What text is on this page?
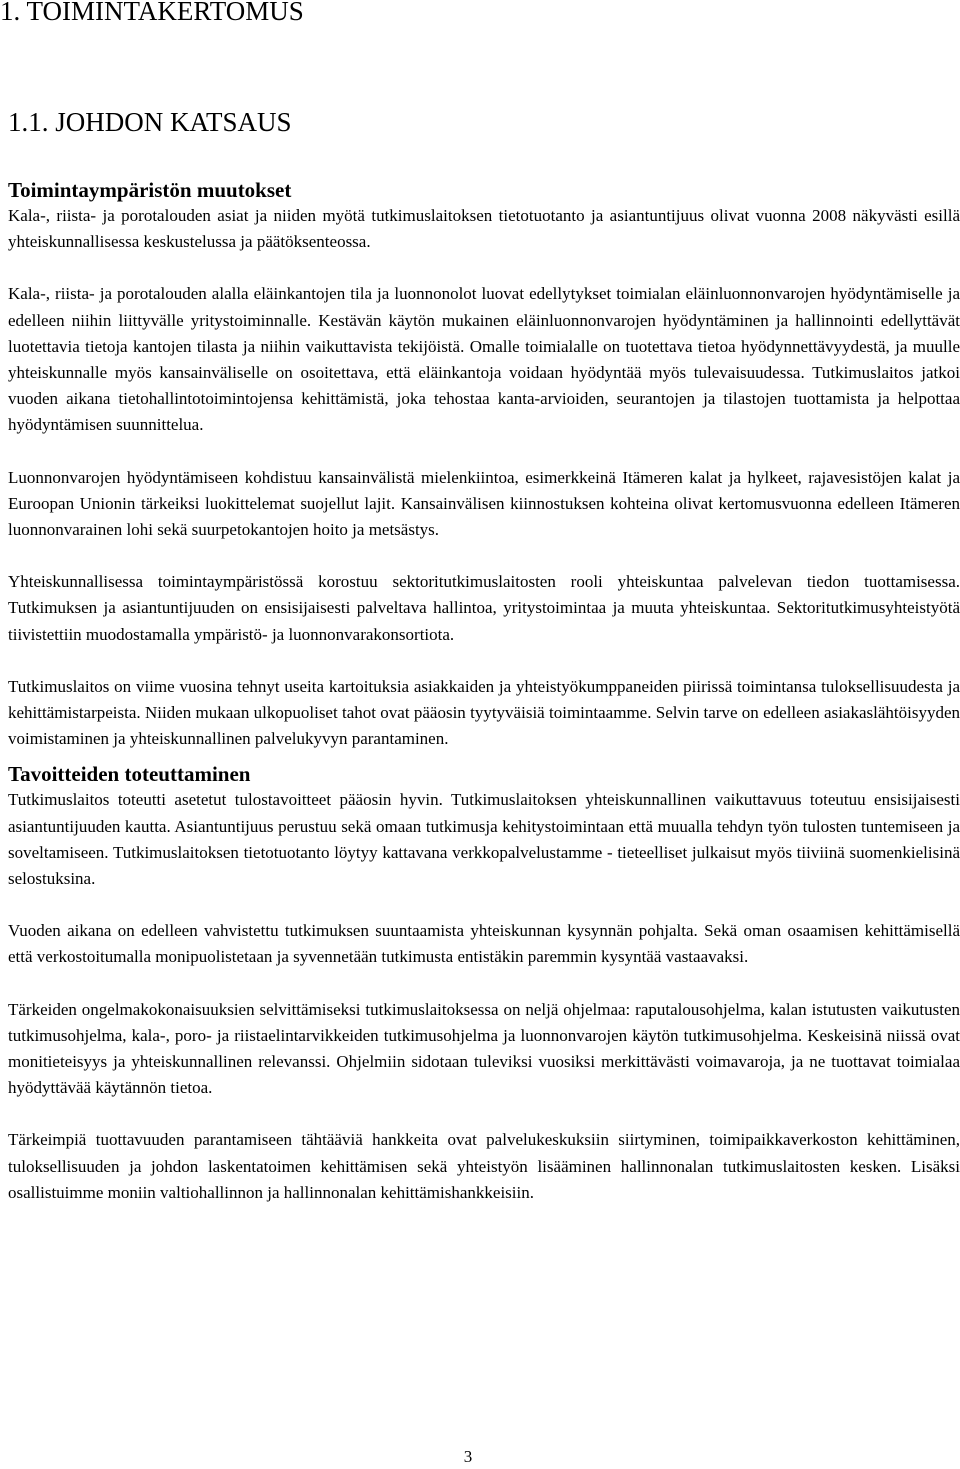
1. TOIMINTAKERTOMUS
1.1. JOHDON KATSAUS
Toimintaympäristön muutokset
Kala-, riista- ja porotalouden asiat ja niiden myötä tutkimuslaitoksen tietotuotanto ja asiantuntijuus olivat vuonna 2008 näkyvästi esillä yhteiskunnallisessa keskustelussa ja päätöksenteossa.
Kala-, riista- ja porotalouden alalla eläinkantojen tila ja luonnonolot luovat edellytykset toimialan eläinluonnonvarojen hyödyntämiselle ja edelleen niihin liittyvälle yritystoiminnalle. Kestävän käytön mukainen eläinluonnonvarojen hyödyntäminen ja hallinnointi edellyttävät luotettavia tietoja kantojen tilasta ja niihin vaikuttavista tekijöistä. Omalle toimialalle on tuotettava tietoa hyödynnettävyydestä, ja muulle yhteiskunnalle myös kansainväliselle on osoitettava, että eläinkantoja voidaan hyödyntää myös tulevaisuudessa. Tutkimuslaitos jatkoi vuoden aikana tietohallintotoimintojensa kehittämistä, joka tehostaa kanta-arvioiden, seurantojen ja tilastojen tuottamista ja helpottaa hyödyntämisen suunnittelua.
Luonnonvarojen hyödyntämiseen kohdistuu kansainvälistä mielenkiintoa, esimerkkeinä Itämeren kalat ja hylkeet, rajavesistöjen kalat ja Euroopan Unionin tärkeiksi luokittelemat suojellut lajit. Kansainvälisen kiinnostuksen kohteina olivat kertomusvuonna edelleen Itämeren luonnonvarainen lohi sekä suurpetokantojen hoito ja metsästys.
Yhteiskunnallisessa toimintaympäristössä korostuu sektoritutkimuslaitosten rooli yhteiskuntaa palvelevan tiedon tuottamisessa. Tutkimuksen ja asiantuntijuuden on ensisijaisesti palveltava hallintoa, yritystoimintaa ja muuta yhteiskuntaa. Sektoritutkimusyhteistyötä tiivistettiin muodostamalla ympäristö- ja luonnonvarakonsortiota.
Tutkimuslaitos on viime vuosina tehnyt useita kartoituksia asiakkaiden ja yhteistyökumppaneiden piirissä toimintansa tuloksellisuudesta ja kehittämistarpeista. Niiden mukaan ulkopuoliset tahot ovat pääosin tyytyväisiä toimintaamme. Selvin tarve on edelleen asiakaslähtöisyyden voimistaminen ja yhteiskunnallinen palvelukyvyn parantaminen.
Tavoitteiden toteuttaminen
Tutkimuslaitos toteutti asetetut tulostavoitteet pääosin hyvin. Tutkimuslaitoksen yhteiskunnallinen vaikuttavuus toteutuu ensisijaisesti asiantuntijuuden kautta. Asiantuntijuus perustuu sekä omaan tutkimusja kehitystoimintaan että muualla tehdyn työn tulosten tuntemiseen ja soveltamiseen. Tutkimuslaitoksen tietotuotanto löytyy kattavana verkkopalvelustamme - tieteelliset julkaisut myös tiiviinä suomenkielisinä selostuksina.
Vuoden aikana on edelleen vahvistettu tutkimuksen suuntaamista yhteiskunnan kysynnän pohjalta. Sekä oman osaamisen kehittämisellä että verkostoitumalla monipuolistetaan ja syvennetään tutkimusta entistäkin paremmin kysyntää vastaavaksi.
Tärkeiden ongelmakokonaisuuksien selvittämiseksi tutkimuslaitoksessa on neljä ohjelmaa: raputalousohjelma, kalan istutusten vaikutusten tutkimusohjelma, kala-, poro- ja riistaelintarvikkeiden tutkimusohjelma ja luonnonvarojen käytön tutkimusohjelma. Keskeisinä niissä ovat monitieteisyys ja yhteiskunnallinen relevanssi. Ohjelmiin sidotaan tuleviksi vuosiksi merkittävästi voimavaroja, ja ne tuottavat toimialaa hyödyttävää käytännön tietoa.
Tärkeimpiä tuottavuuden parantamiseen tähtääviä hankkeita ovat palvelukeskuksiin siirtyminen, toimipaikkaverkoston kehittäminen, tuloksellisuuden ja johdon laskentatoimen kehittämisen sekä yhteistyön lisääminen hallinnonalan tutkimuslaitosten kesken. Lisäksi osallistuimme moniin valtiohallinnon ja hallinnonalan kehittämishankkeisiin.
3
